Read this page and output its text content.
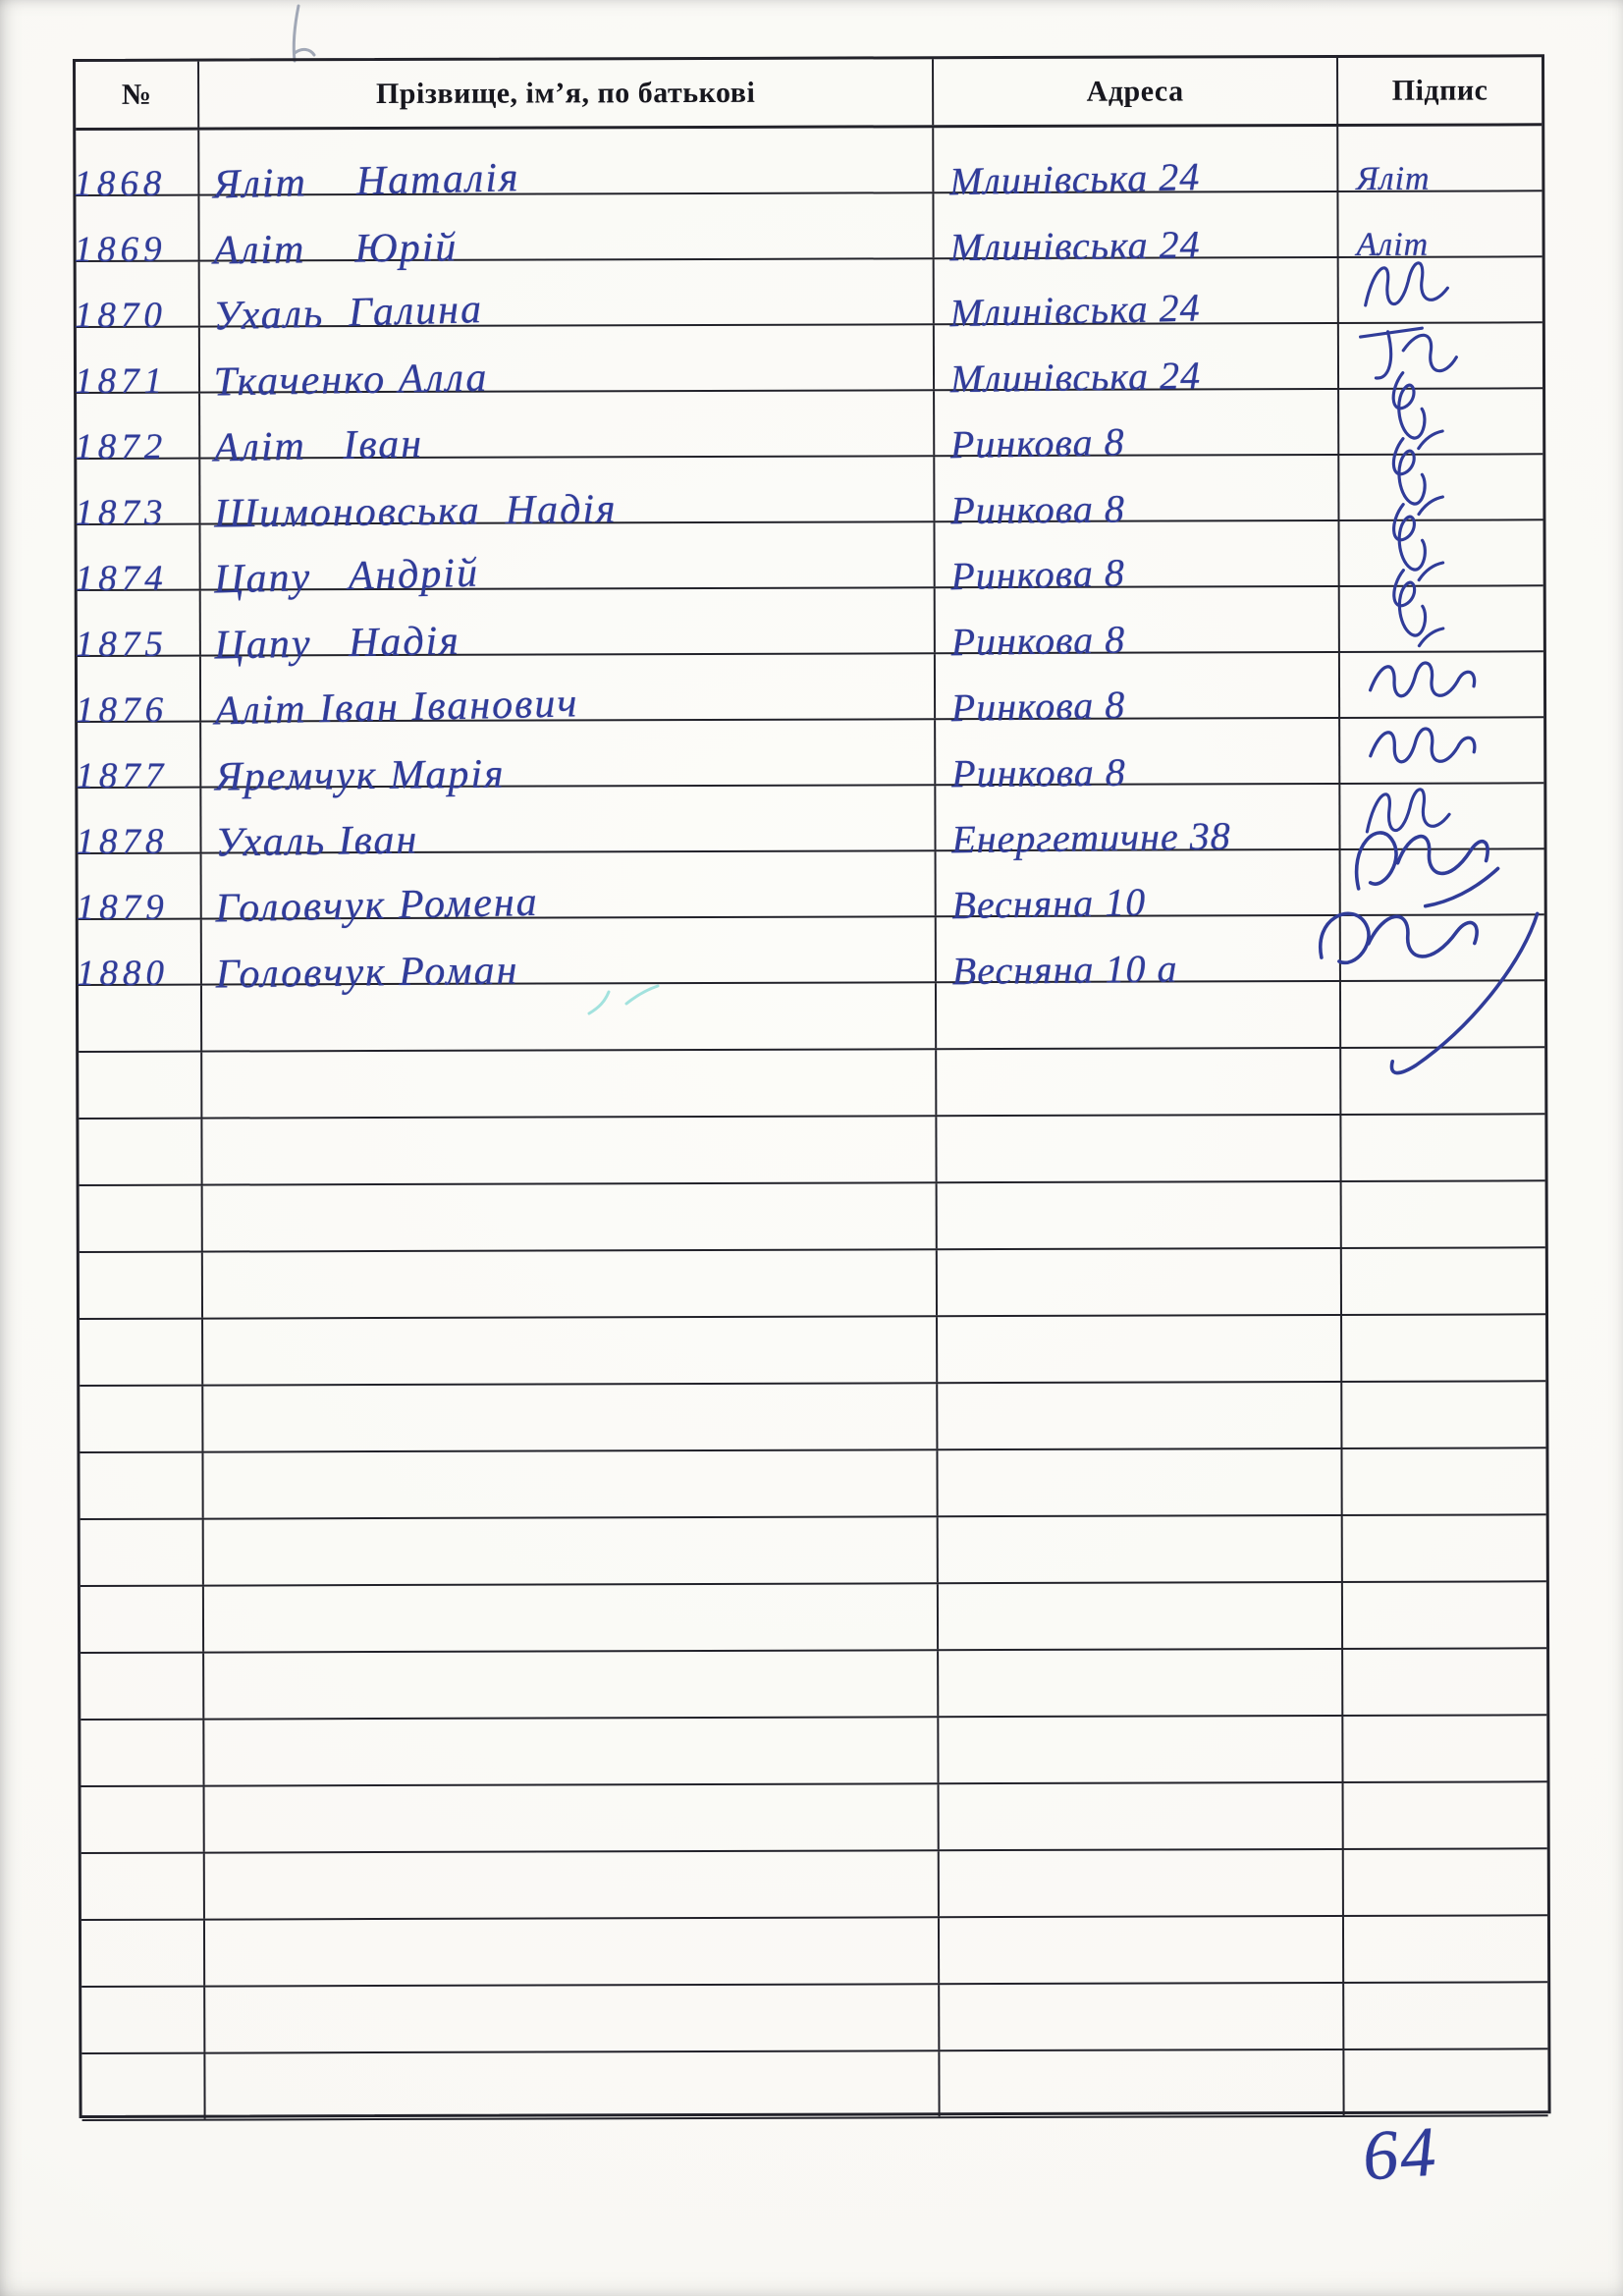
64
№	Прізвище, ім’я, по батькові	Адреса	Підпис
1868 Яліт    Наталія	Млинівська 24	Яліт
1869 Аліт    Юрій	Млинівська 24	Аліт
1870 Ухаль  Галина	Млинівська 24
1871 Ткаченко Алла	Млинівська 24
1872 Аліт   Іван	Ринкова 8
1873 Шимоновська  Надія	Ринкова 8
1874 Цапу   Андрій	Ринкова 8
1875 Цапу   Надія	Ринкова 8
1876 Аліт Іван Іванович	Ринкова 8
1877 Яремчук Марія	Ринкова 8
1878 Ухаль Іван	Енергетичне 38
1879 Головчук Ромена	Весняна 10
1880 Головчук Роман	Весняна 10 а
